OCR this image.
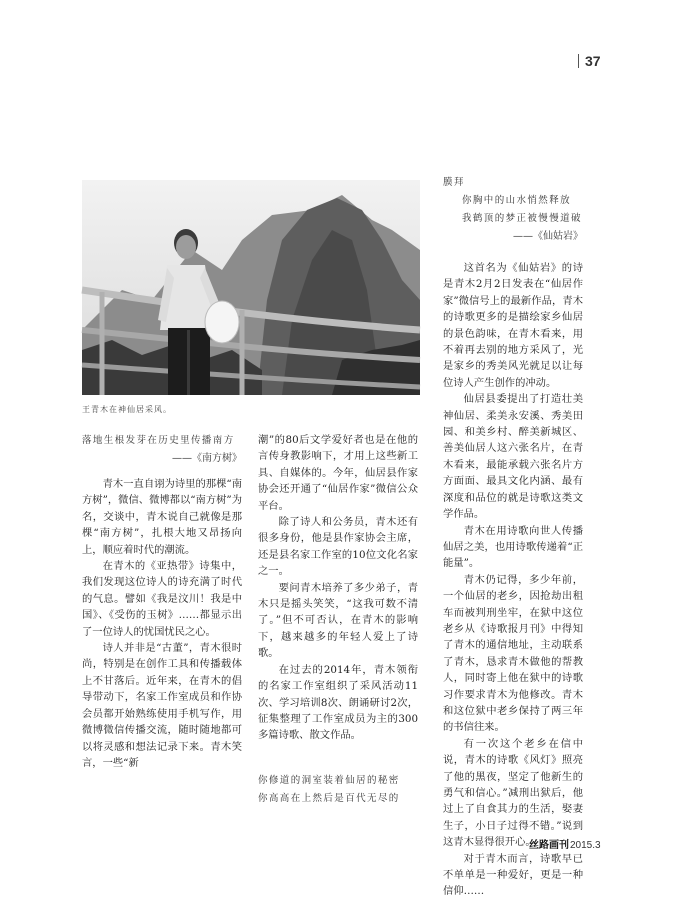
37
王青木在神仙居采风。
落地生根发芽在历史里传播南方
——《南方树》

青木一直自诩为诗里的那棵“南方树”，微信、微博都以“南方树”为名，交谈中，青木说自己就像是那棵“南方树”，扎根大地又昂扬向上，顺应着时代的潮流。

在青木的《亚热带》诗集中，我们发现这位诗人的诗充满了时代的气息。譬如《我是汶川！我是中国》、《受伤的玉树》……都显示出了一位诗人的忧国忧民之心。

诗人并非是“古董”，青木很时尚，特别是在创作工具和传播载体上不甘落后。近年来，在青木的倡导带动下，名家工作室成员和作协会员都开始熟练使用手机写作，用微博微信传播交流，随时随地都可以将灵感和想法记录下来。青木笑言，一些“新

潮”的80后文学爱好者也是在他的言传身教影响下，才用上这些新工具、自媒体的。今年，仙居县作家协会还开通了“仙居作家”微信公众平台。

除了诗人和公务员，青木还有很多身份，他是县作家协会主席，还是县名家工作室的10位文化名家之一。

要问青木培养了多少弟子，青木只是摇头笑笑，“这我可数不清了。”但不可否认，在青木的影响下，越来越多的年轻人爱上了诗歌。

在过去的2014年，青木领衔的名家工作室组织了采风活动11次、学习培训8次、朗诵研讨2次，征集整理了工作室成员为主的300多篇诗歌、散文作品。

你修道的洞室装着仙居的秘密
你高高在上然后是百代无尽的
膜拜
你胸中的山水悄然释放
我鹤顶的梦正被慢慢道破
——《仙姑岩》

这首名为《仙姑岩》的诗是青木2月2日发表在“仙居作家”微信号上的最新作品，青木的诗歌更多的是描绘家乡仙居的景色韵味，在青木看来，用不着再去别的地方采风了，光是家乡的秀美风光就足以让每位诗人产生创作的冲动。

仙居县委提出了打造壮美神仙居、柔美永安溪、秀美田园、和美乡村、醉美新城区、善美仙居人这六张名片，在青木看来，最能承载六张名片方方面面、最具文化内涵、最有深度和品位的就是诗歌这类文学作品。

青木在用诗歌向世人传播仙居之美，也用诗歌传递着“正能量”。

青木仍记得，多少年前，一个仙居的老乡，因抢劫出租车而被判刑坐牢，在狱中这位老乡从《诗歌报月刊》中得知了青木的通信地址，主动联系了青木，恳求青木做他的帮教人，同时寄上他在狱中的诗歌习作要求青木为他修改。青木和这位狱中老乡保持了两三年的书信往来。

有一次这个老乡在信中说，青木的诗歌《风灯》照亮了他的黑夜，坚定了他新生的勇气和信心。”减刑出狱后，他过上了自食其力的生活，娶妻生子，小日子过得不错。”说到这青木显得很开心。

对于青木而言，诗歌早已不单单是一种爱好，更是一种信仰……

丝路画刊2015.3
